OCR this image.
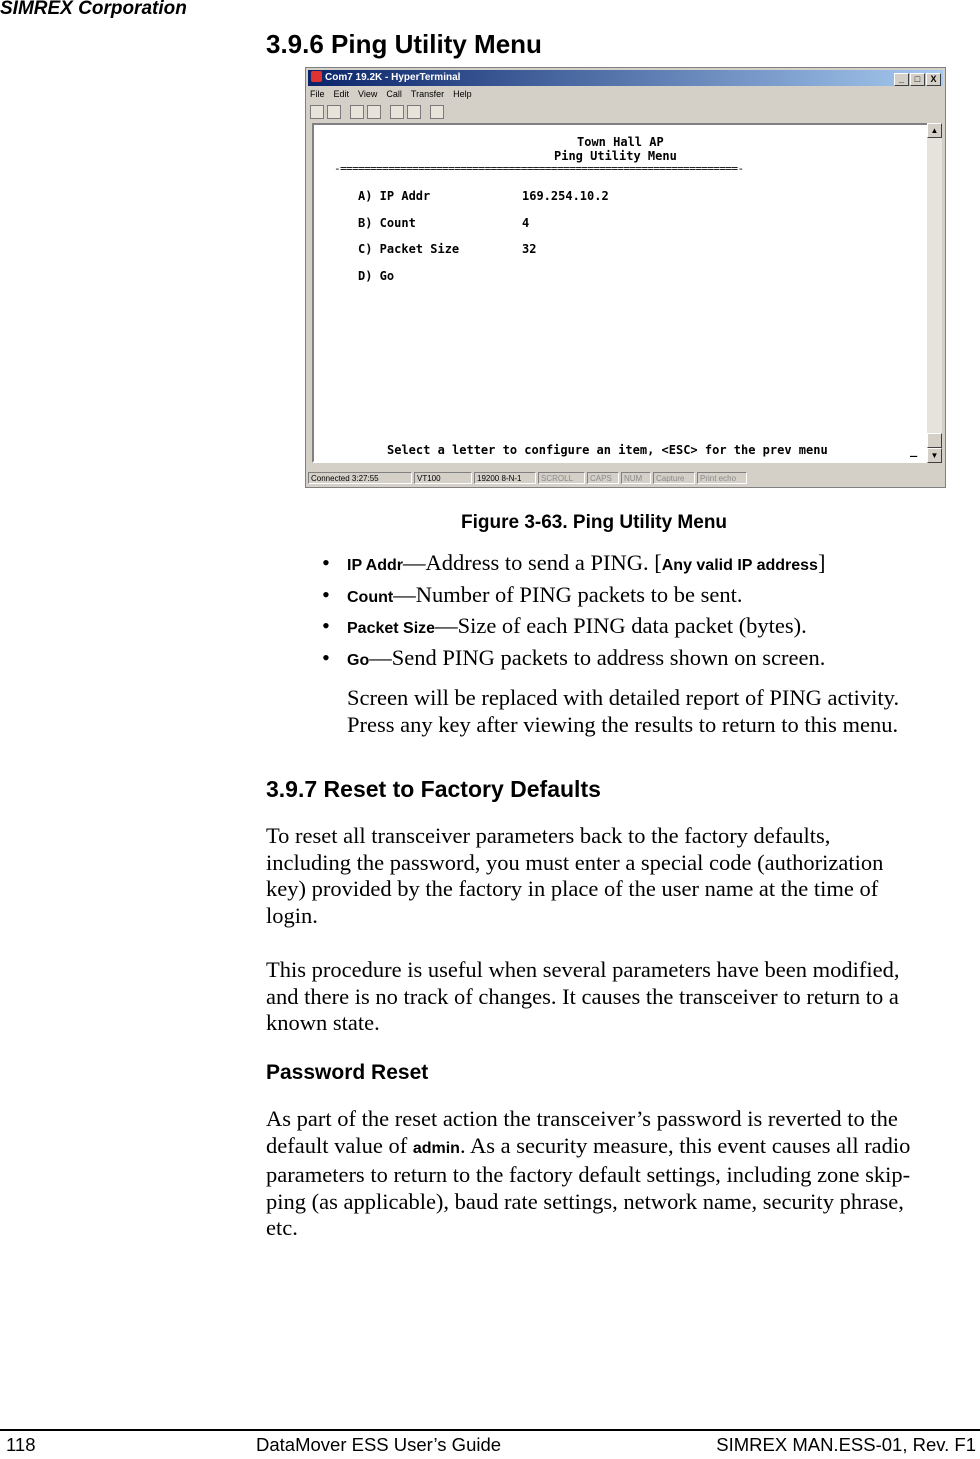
SIMREX Corporation
3.9.6 Ping Utility Menu
Com7 19.2K - HyperTerminal	_ □ X
File Edit View Call Transfer Help
Town Hall AP
Ping Utility Menu
-==================================================================-
A) IP Addr	169.254.10.2
B) Count	4
C) Packet Size	32
D) Go
Select a letter to configure an item, <ESC> for the prev menu	_
▲
▼
Connected 3:27:55	VT100	19200 8-N-1	SCROLL	CAPS	NUM	Capture	Print echo
Figure 3-63. Ping Utility Menu
• IP Addr—Address to send a PING. [Any valid IP address]
• Count—Number of PING packets to be sent.
• Packet Size—Size of each PING data packet (bytes).
• Go—Send PING packets to address shown on screen.
Screen will be replaced with detailed report of PING activity.
Press any key after viewing the results to return to this menu.
3.9.7 Reset to Factory Defaults
To reset all transceiver parameters back to the factory defaults,
including the password, you must enter a special code (authorization
key) provided by the factory in place of the user name at the time of
login.
This procedure is useful when several parameters have been modified,
and there is no track of changes. It causes the transceiver to return to a
known state.
Password Reset
As part of the reset action the transceiver’s password is reverted to the
default value of admin. As a security measure, this event causes all radio
parameters to return to the factory default settings, including zone skip-
ping (as applicable), baud rate settings, network name, security phrase,
etc.
118	DataMover ESS User’s Guide	SIMREX MAN.ESS-01, Rev. F1
